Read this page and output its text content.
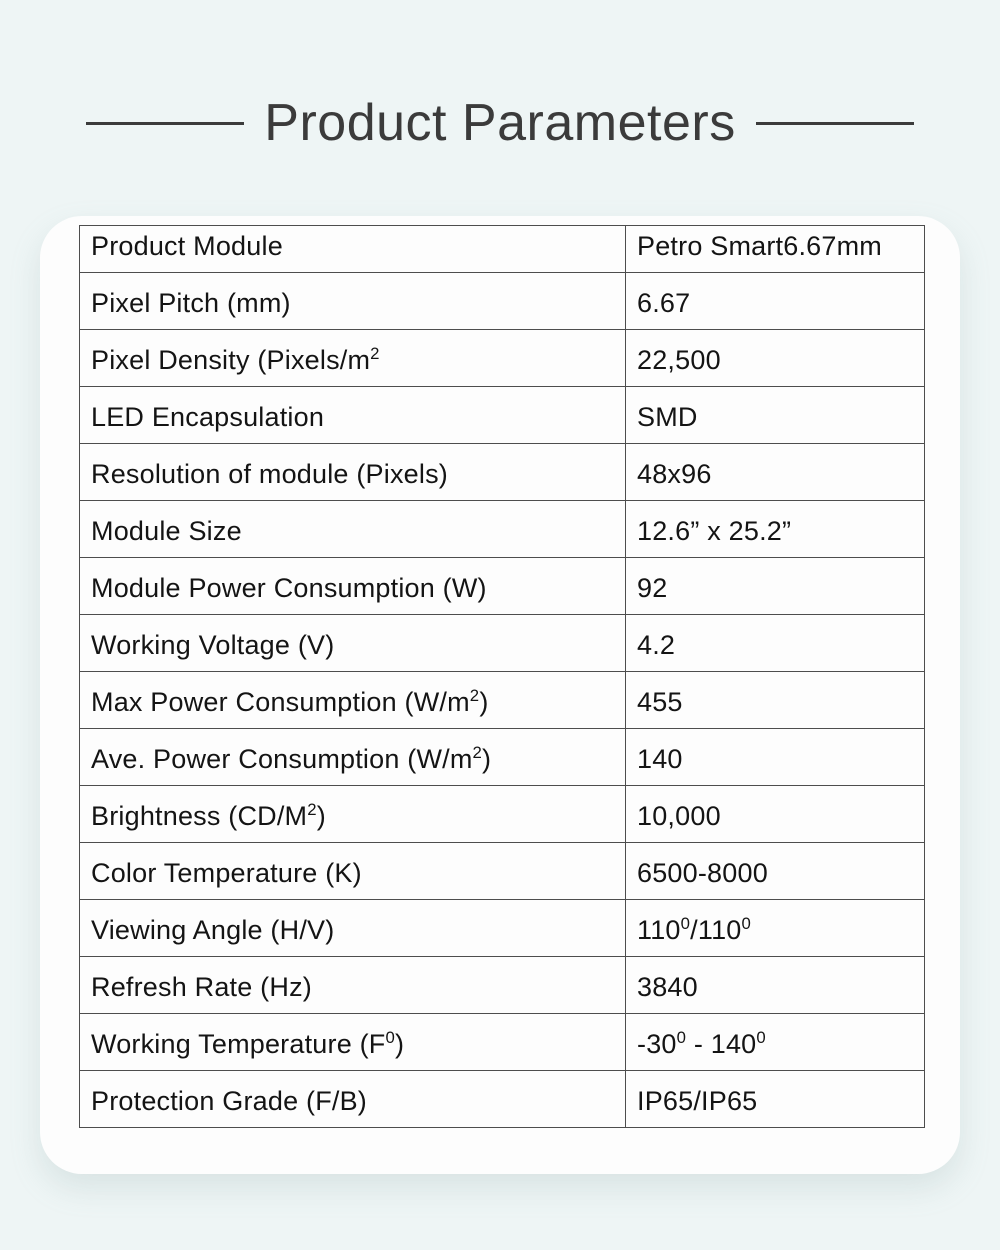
Product Parameters
Product Module	Petro Smart6.67mm
Pixel Pitch (mm)	6.67
Pixel Density ($Pixels/m^2$	22,500
LED Encapsulation	SMD
Resolution of module (Pixels)	48x96
Module Size	12.6” x 25.2”
Module Power Consumption (W)	92
Working Voltage (V)	4.2
Max Power Consumption $(W/m^2)$	455
Ave. Power Consumption $(W/m^2)$	140
Brightness $(CD/M^2)$	10,000
Color Temperature (K)	6500-8000
Viewing Angle (H/V)	$110^0/110^0$
Refresh Rate (Hz)	3840
Working Temperature $(F^0)$	$-30^0 - 140^0$
Protection Grade (F/B)	IP65/IP65
